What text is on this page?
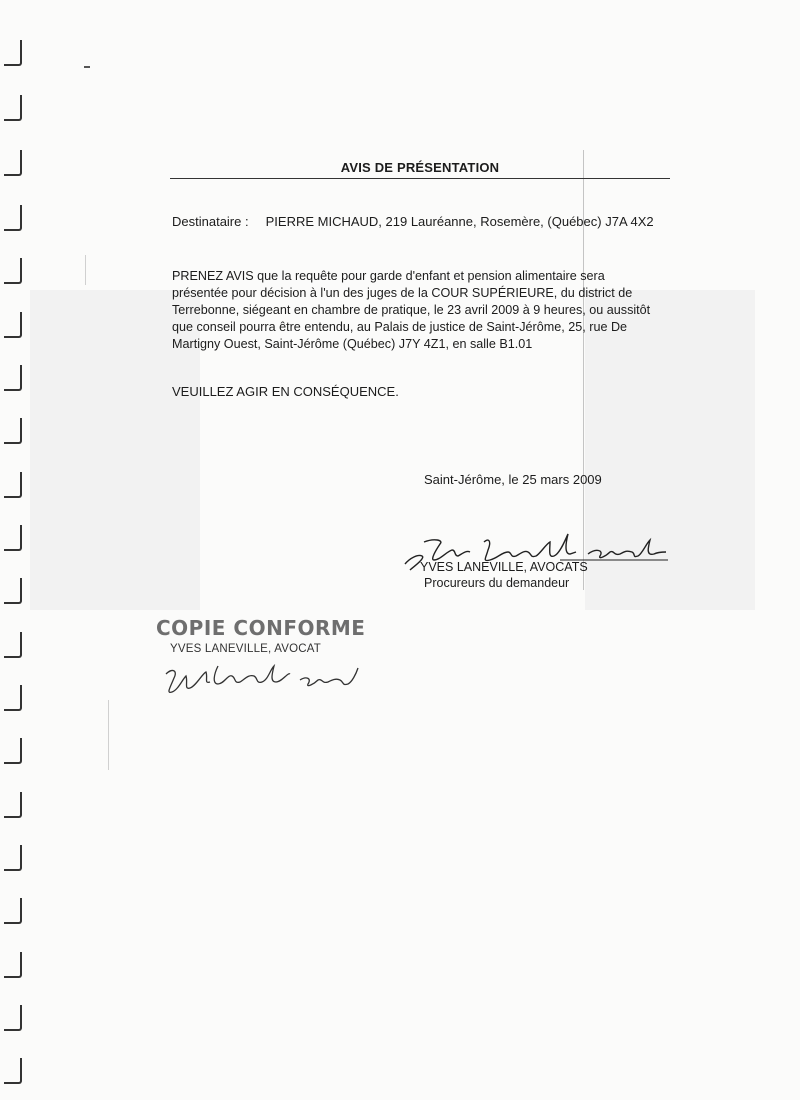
AVIS DE PRÉSENTATION
Destinataire : PIERRE MICHAUD, 219 Lauréanne, Rosemère, (Québec) J7A 4X2

PRENEZ AVIS que la requête pour garde d'enfant et pension alimentaire sera

présentée pour décision à l'un des juges de la COUR SUPÉRIEURE, du district de

Terrebonne, siégeant en chambre de pratique, le 23 avril 2009 à 9 heures, ou aussitôt

que conseil pourra être entendu, au Palais de justice de Saint-Jérôme, 25, rue De

Martigny Ouest, Saint-Jérôme (Québec) J7Y 4Z1, en salle B1.01

VEUILLEZ AGIR EN CONSÉQUENCE.
Saint-Jérôme, le 25 mars 2009
YVES LANEVILLE, AVOCATS
Procureurs du demandeur
COPIE CONFORME
YVES LANEVILLE, AVOCAT
